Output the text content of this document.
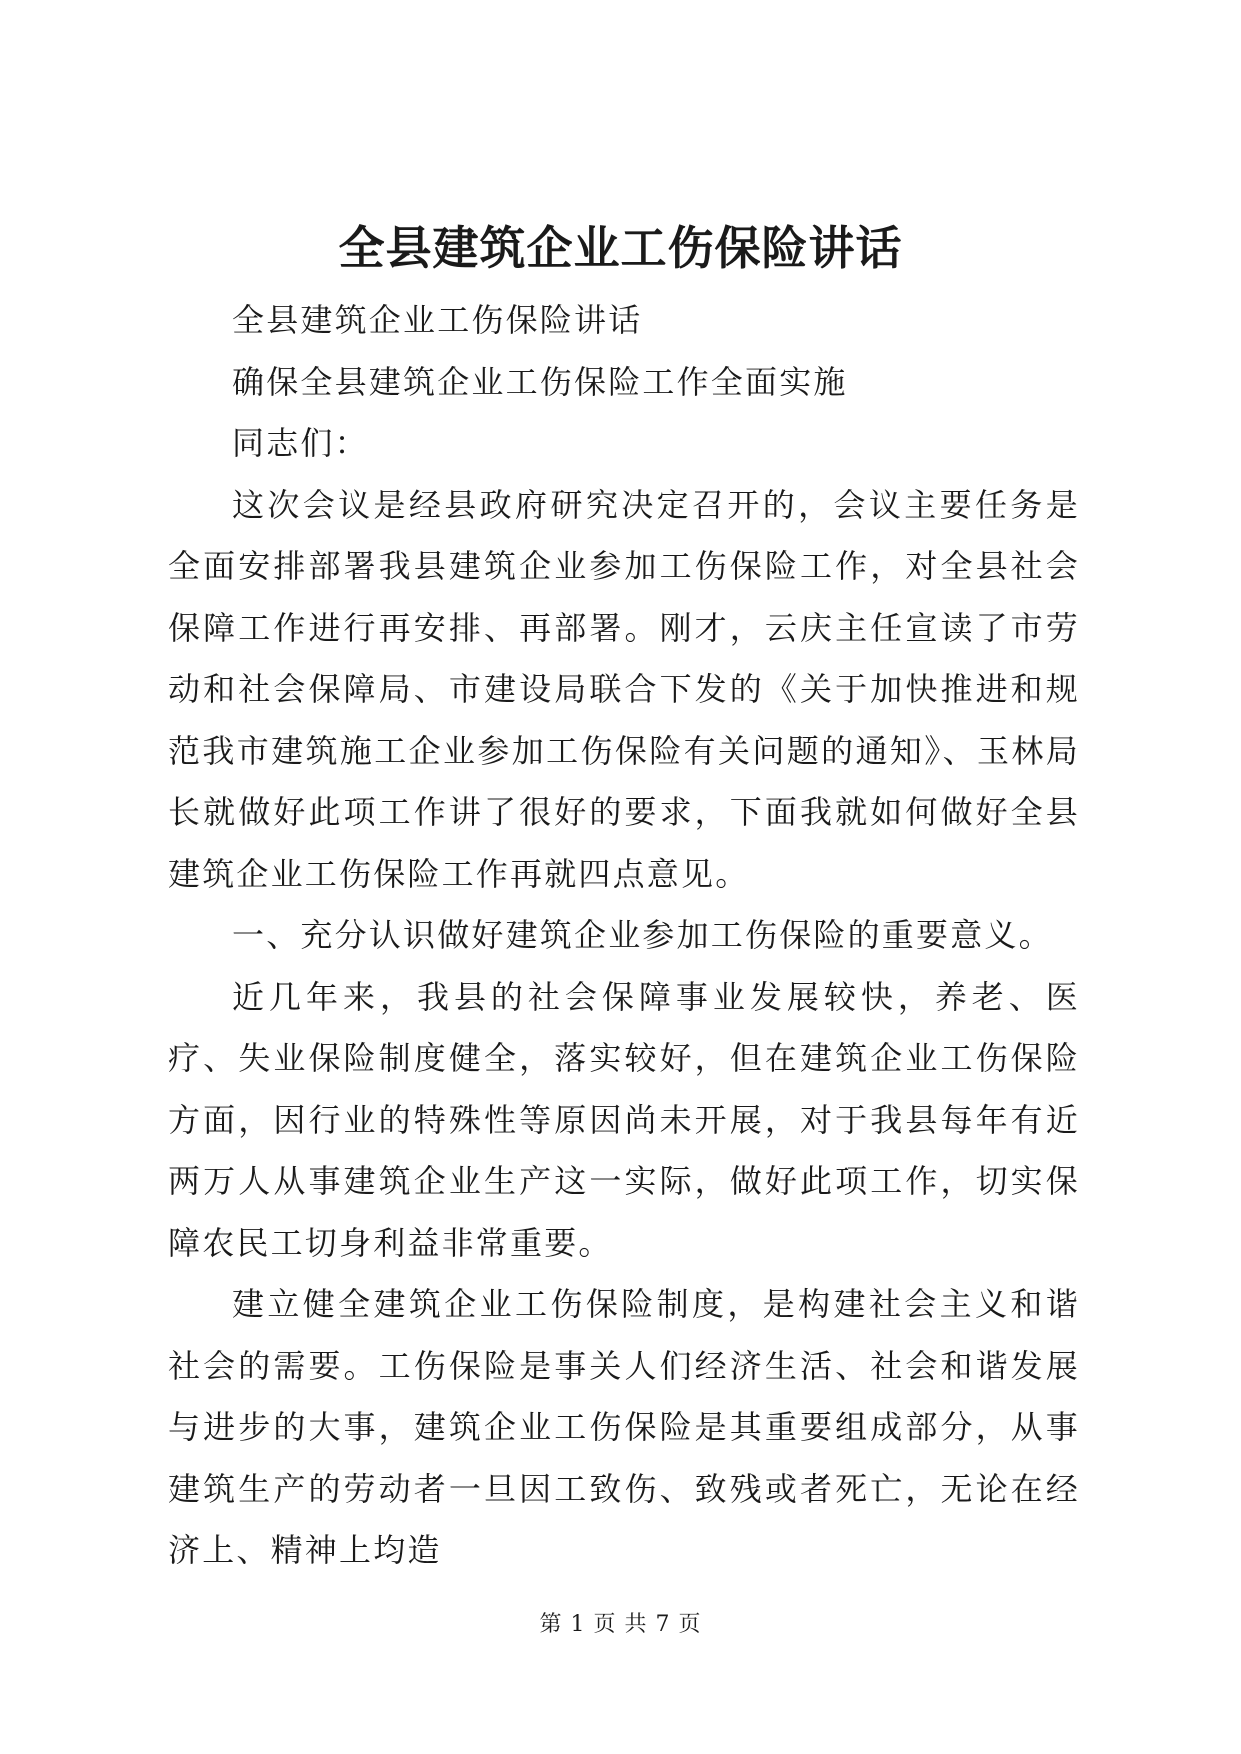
全县建筑企业工伤保险讲话

全县建筑企业工伤保险讲话

确保全县建筑企业工伤保险工作全面实施

同志们：

这次会议是经县政府研究决定召开的，会议主要任务是全面安排部署我县建筑企业参加工伤保险工作，对全县社会保障工作进行再安排、再部署。刚才，云庆主任宣读了市劳动和社会保障局、市建设局联合下发的《关于加快推进和规范我市建筑施工企业参加工伤保险有关问题的通知》、玉林局长就做好此项工作讲了很好的要求，下面我就如何做好全县建筑企业工伤保险工作再就四点意见。

一、充分认识做好建筑企业参加工伤保险的重要意义。

近几年来，我县的社会保障事业发展较快，养老、医疗、失业保险制度健全，落实较好，但在建筑企业工伤保险方面，因行业的特殊性等原因尚未开展，对于我县每年有近两万人从事建筑企业生产这一实际，做好此项工作，切实保障农民工切身利益非常重要。

建立健全建筑企业工伤保险制度，是构建社会主义和谐社会的需要。工伤保险是事关人们经济生活、社会和谐发展与进步的大事，建筑企业工伤保险是其重要组成部分，从事建筑生产的劳动者一旦因工致伤、致残或者死亡，无论在经济上、精神上均造

第 1 页 共 7 页
